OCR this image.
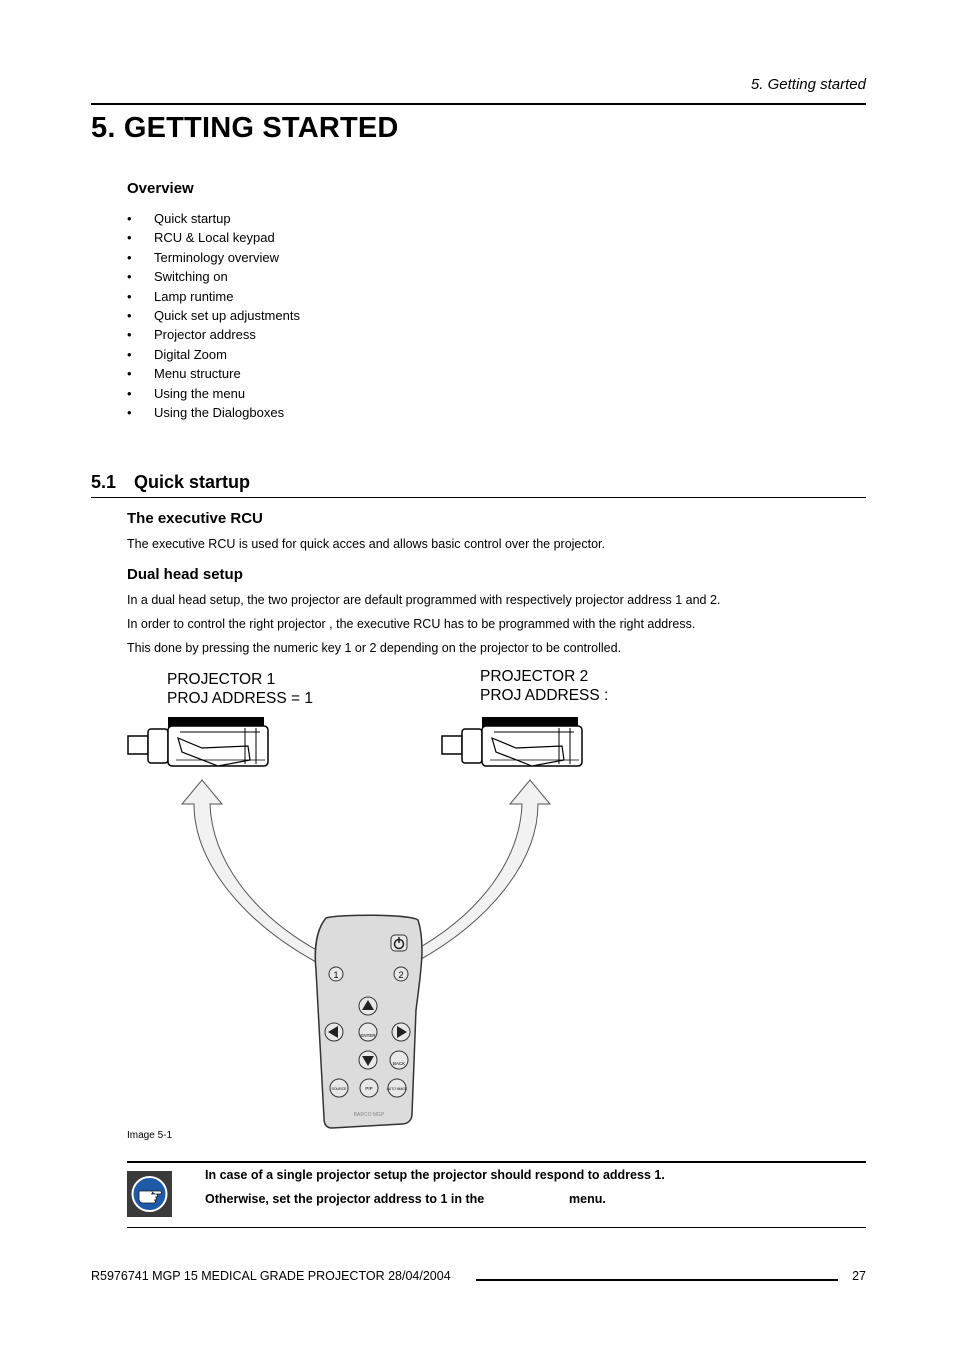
5. Getting started
5. GETTING STARTED
Overview
• Quick startup
• RCU & Local keypad
• Terminology overview
• Switching on
• Lamp runtime
• Quick set up adjustments
• Projector address
• Digital Zoom
• Menu structure
• Using the menu
• Using the Dialogboxes
5.1 Quick startup
The executive RCU
The executive RCU is used for quick acces and allows basic control over the projector.
Dual head setup
In a dual head setup, the two projector are default programmed with respectively projector address 1 and 2.
In order to control the right projector , the executive RCU has to be programmed with the right address.
This done by pressing the numeric key 1 or 2 depending on the projector to be controlled.
PROJECTOR 1
PROJ ADDRESS = 1
PROJECTOR 2
PROJ ADDRESS :
1	2
ENTER
BACK
SOURCE	PIP	AUTO IMAGE
BARCO MGP
Image 5-1
In case of a single projector setup the projector should respond to address 1.
Otherwise, set the projector address to 1 in the	menu.
R5976741 MGP 15 MEDICAL GRADE PROJECTOR 28/04/2004	27
